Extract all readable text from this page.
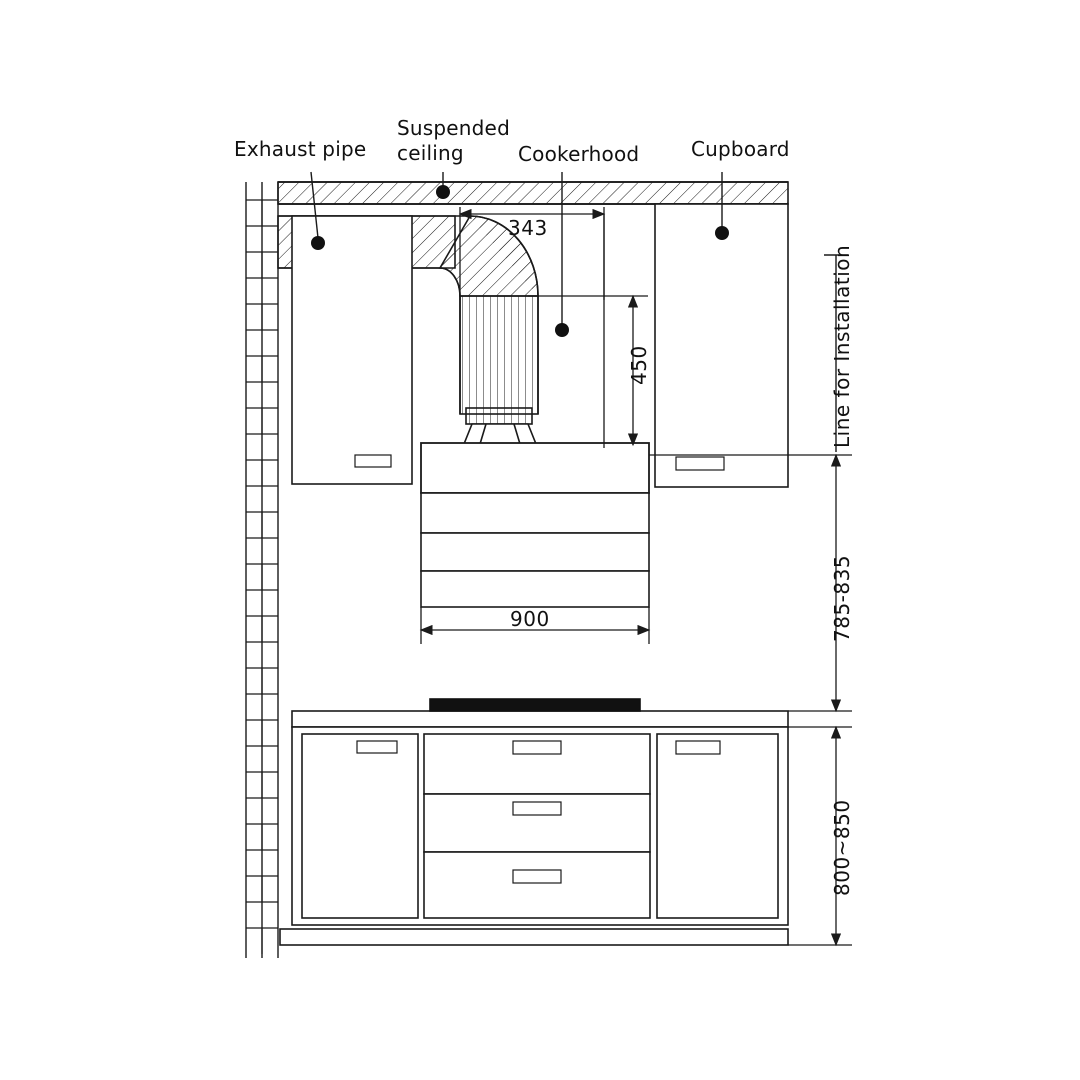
Exhaust pipe
Suspended
ceiling	Cookerhood	Cupboard
343
450
900	785-835
800~850
Line for Installation
